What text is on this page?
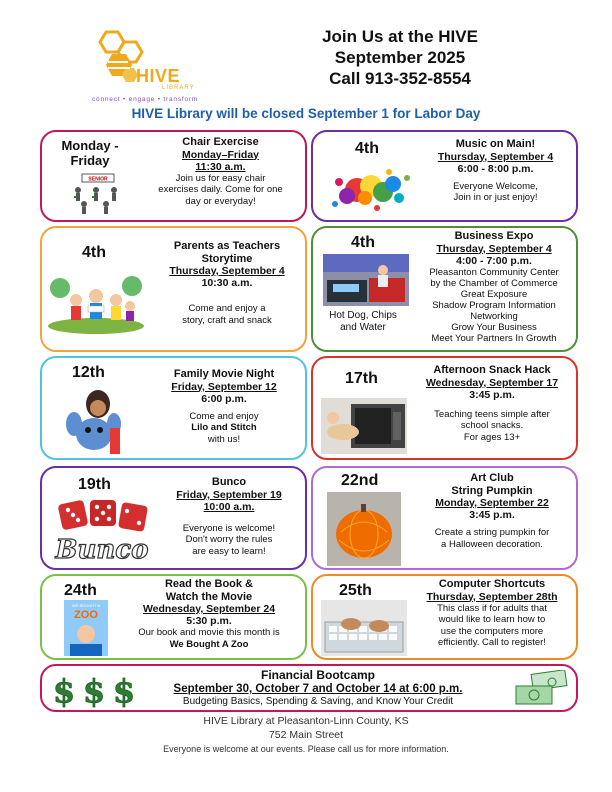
HIVE
LIBRARY
connect • engage • transform
Join Us at the HIVE
September 2025
Call 913-352-8554
HIVE Library will be closed September 1 for Labor Day
Monday -
Friday
SENIOR
Chair Exercise
Monday–Friday
11:30 a.m.
Join us for easy chair
exercises daily. Come for one
day or everyday!
4th	Music on Main!
Thursday, September 4
6:00 - 8:00 p.m.
Everyone Welcome,
Join in or just enjoy!
4th	Parents as Teachers
Storytime
Thursday, September 4
10:30 a.m.
Come and enjoy a
story, craft and snack
4th
Hot Dog, Chips
and Water
Business Expo
Thursday, September 4
4:00 - 7:00 p.m.
Pleasanton Community Center
by the Chamber of Commerce
Great Exposure
Shadow Program Information
Networking
Grow Your Business
Meet Your Partners In Growth
12th	Family Movie Night
Friday, September 12
6:00 p.m.
Come and enjoy
Lilo and Stitch
with us!
17th	Afternoon Snack Hack
Wednesday, September 17
3:45 p.m.
Teaching teens simple after
school snacks.
For ages 13+
19th
Bunco
Bunco
Friday, September 19
10:00 a.m.
Everyone is welcome!
Don't worry the rules
are easy to learn!
22nd	Art Club
String Pumpkin
Monday, September 22
3:45 p.m.
Create a string pumpkin for
a Halloween decoration.
24th
WE BOUGHT A
ZOO
Read the Book &
Watch the Movie
Wednesday, September 24
5:30 p.m.
Our book and movie this month is
We Bought A Zoo
25th	Computer Shortcuts
Thursday, September 28th
This class if for adults that
would like to learn how to
use the computers more
efficiently. Call to register!
$ $ $	Financial Bootcamp
September 30, October 7 and October 14 at 6:00 p.m.
Budgeting Basics, Spending & Saving, and Know Your Credit
HIVE Library at Pleasanton-Linn County, KS
752 Main Street
Everyone is welcome at our events. Please call us for more information.
